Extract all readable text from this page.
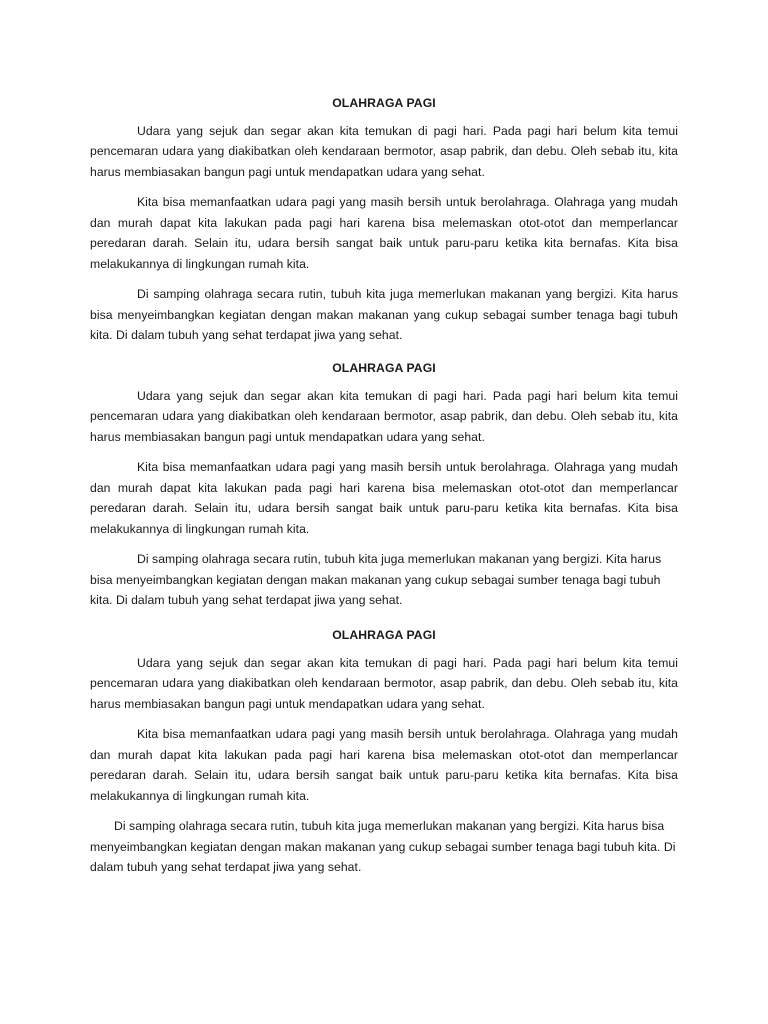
OLAHRAGA PAGI

Udara yang sejuk dan segar akan kita temukan di pagi hari. Pada pagi hari belum kita temui pencemaran udara yang diakibatkan oleh kendaraan bermotor, asap pabrik, dan debu. Oleh sebab itu, kita harus membiasakan bangun pagi untuk mendapatkan udara yang sehat.

Kita bisa memanfaatkan udara pagi yang masih bersih untuk berolahraga. Olahraga yang mudah dan murah dapat kita lakukan pada pagi hari karena bisa melemaskan otot-otot dan memperlancar peredaran darah. Selain itu, udara bersih sangat baik untuk paru-paru ketika kita bernafas. Kita bisa melakukannya di lingkungan rumah kita.

Di samping olahraga secara rutin, tubuh kita juga memerlukan makanan yang bergizi. Kita harus bisa menyeimbangkan kegiatan dengan makan makanan yang cukup sebagai sumber tenaga bagi tubuh kita. Di dalam tubuh yang sehat terdapat jiwa yang sehat.

OLAHRAGA PAGI

Udara yang sejuk dan segar akan kita temukan di pagi hari. Pada pagi hari belum kita temui pencemaran udara yang diakibatkan oleh kendaraan bermotor, asap pabrik, dan debu. Oleh sebab itu, kita harus membiasakan bangun pagi untuk mendapatkan udara yang sehat.

Kita bisa memanfaatkan udara pagi yang masih bersih untuk berolahraga. Olahraga yang mudah dan murah dapat kita lakukan pada pagi hari karena bisa melemaskan otot-otot dan memperlancar peredaran darah. Selain itu, udara bersih sangat baik untuk paru-paru ketika kita bernafas. Kita bisa melakukannya di lingkungan rumah kita.

Di samping olahraga secara rutin, tubuh kita juga memerlukan makanan yang bergizi. Kita harus bisa menyeimbangkan kegiatan dengan makan makanan yang cukup sebagai sumber tenaga bagi tubuh kita. Di dalam tubuh yang sehat terdapat jiwa yang sehat.

OLAHRAGA PAGI

Udara yang sejuk dan segar akan kita temukan di pagi hari. Pada pagi hari belum kita temui pencemaran udara yang diakibatkan oleh kendaraan bermotor, asap pabrik, dan debu. Oleh sebab itu, kita harus membiasakan bangun pagi untuk mendapatkan udara yang sehat.

Kita bisa memanfaatkan udara pagi yang masih bersih untuk berolahraga. Olahraga yang mudah dan murah dapat kita lakukan pada pagi hari karena bisa melemaskan otot-otot dan memperlancar peredaran darah. Selain itu, udara bersih sangat baik untuk paru-paru ketika kita bernafas. Kita bisa melakukannya di lingkungan rumah kita.

Di samping olahraga secara rutin, tubuh kita juga memerlukan makanan yang bergizi. Kita harus bisa menyeimbangkan kegiatan dengan makan makanan yang cukup sebagai sumber tenaga bagi tubuh kita. Di dalam tubuh yang sehat terdapat jiwa yang sehat.
